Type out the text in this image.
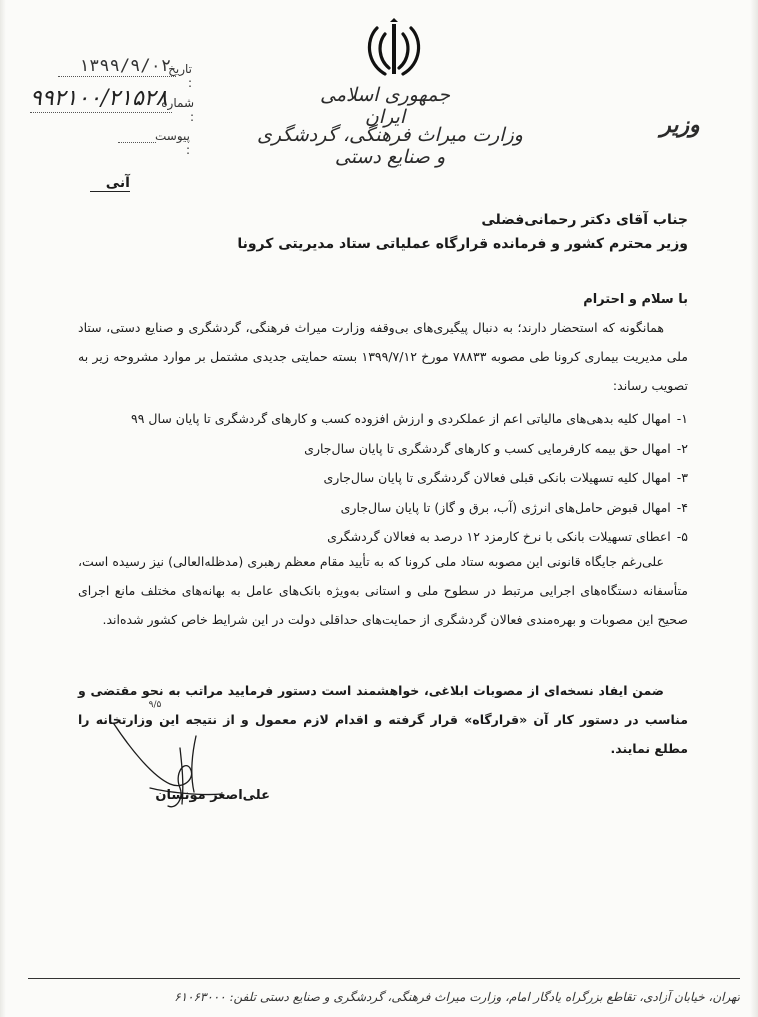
جمهوری اسلامی ایران
وزارت میراث فرهنگی، گردشگری و صنایع دستی
وزیر
تاریخ :
۱۳۹۹/۹/۰۲
شماره :
۹۹۲۱۰۰/۲۱۵۲۸
پیوست :
آنی
جناب آقای دکتر رحمانی‌فضلی
وزیر محترم کشور و فرمانده قرارگاه عملیاتی ستاد مدیریتی کرونا
با سلام و احترام
همانگونه که استحضار دارند؛ به دنبال پیگیری‌های بی‌وقفه وزارت میراث فرهنگی، گردشگری و صنایع دستی، ستاد ملی مدیریت بیماری کرونا طی مصوبه ۷۸۸۳۳ مورخ ۱۳۹۹/۷/۱۲ بسته حمایتی جدیدی مشتمل بر موارد مشروحه زیر به تصویب رساند:
۱-امهال کلیه بدهی‌های مالیاتی اعم از عملکردی و ارزش افزوده کسب و کارهای گردشگری تا پایان سال ۹۹
۲-امهال حق بیمه کارفرمایی کسب و کارهای گردشگری تا پایان سال‌جاری
۳-امهال کلیه تسهیلات بانکی قبلی فعالان گردشگری تا پایان سال‌جاری
۴-امهال قبوض حامل‌های انرژی (آب، برق و گاز) تا پایان سال‌جاری
۵-اعطای تسهیلات بانکی با نرخ کارمزد ۱۲ درصد به فعالان گردشگری
علی‌رغم جایگاه قانونی این مصوبه ستاد ملی کرونا که به تأیید مقام معظم رهبری (مدظله‌العالی) نیز رسیده است، متأسفانه دستگاه‌های اجرایی مرتبط در سطوح ملی و استانی به‌ویژه بانک‌های عامل به بهانه‌های مختلف مانع اجرای صحیح این مصوبات و بهره‌مندی فعالان گردشگری از حمایت‌های حداقلی دولت در این شرایط خاص کشور شده‌اند.
ضمن ایفاد نسخه‌ای از مصوبات ابلاغی، خواهشمند است دستور فرمایید مراتب به نحو مقتضی و مناسب در دستور کار آن «قرارگاه» قرار گرفته و اقدام لازم معمول و از نتیجه این وزارتخانه را مطلع نمایند.
۹/۵
علی‌اصغر مونسان
تهران، خیابان آزادی، تقاطع بزرگراه یادگار امام، وزارت میراث فرهنگی، گردشگری و صنایع دستی تلفن: ۶۱۰۶۳۰۰۰
